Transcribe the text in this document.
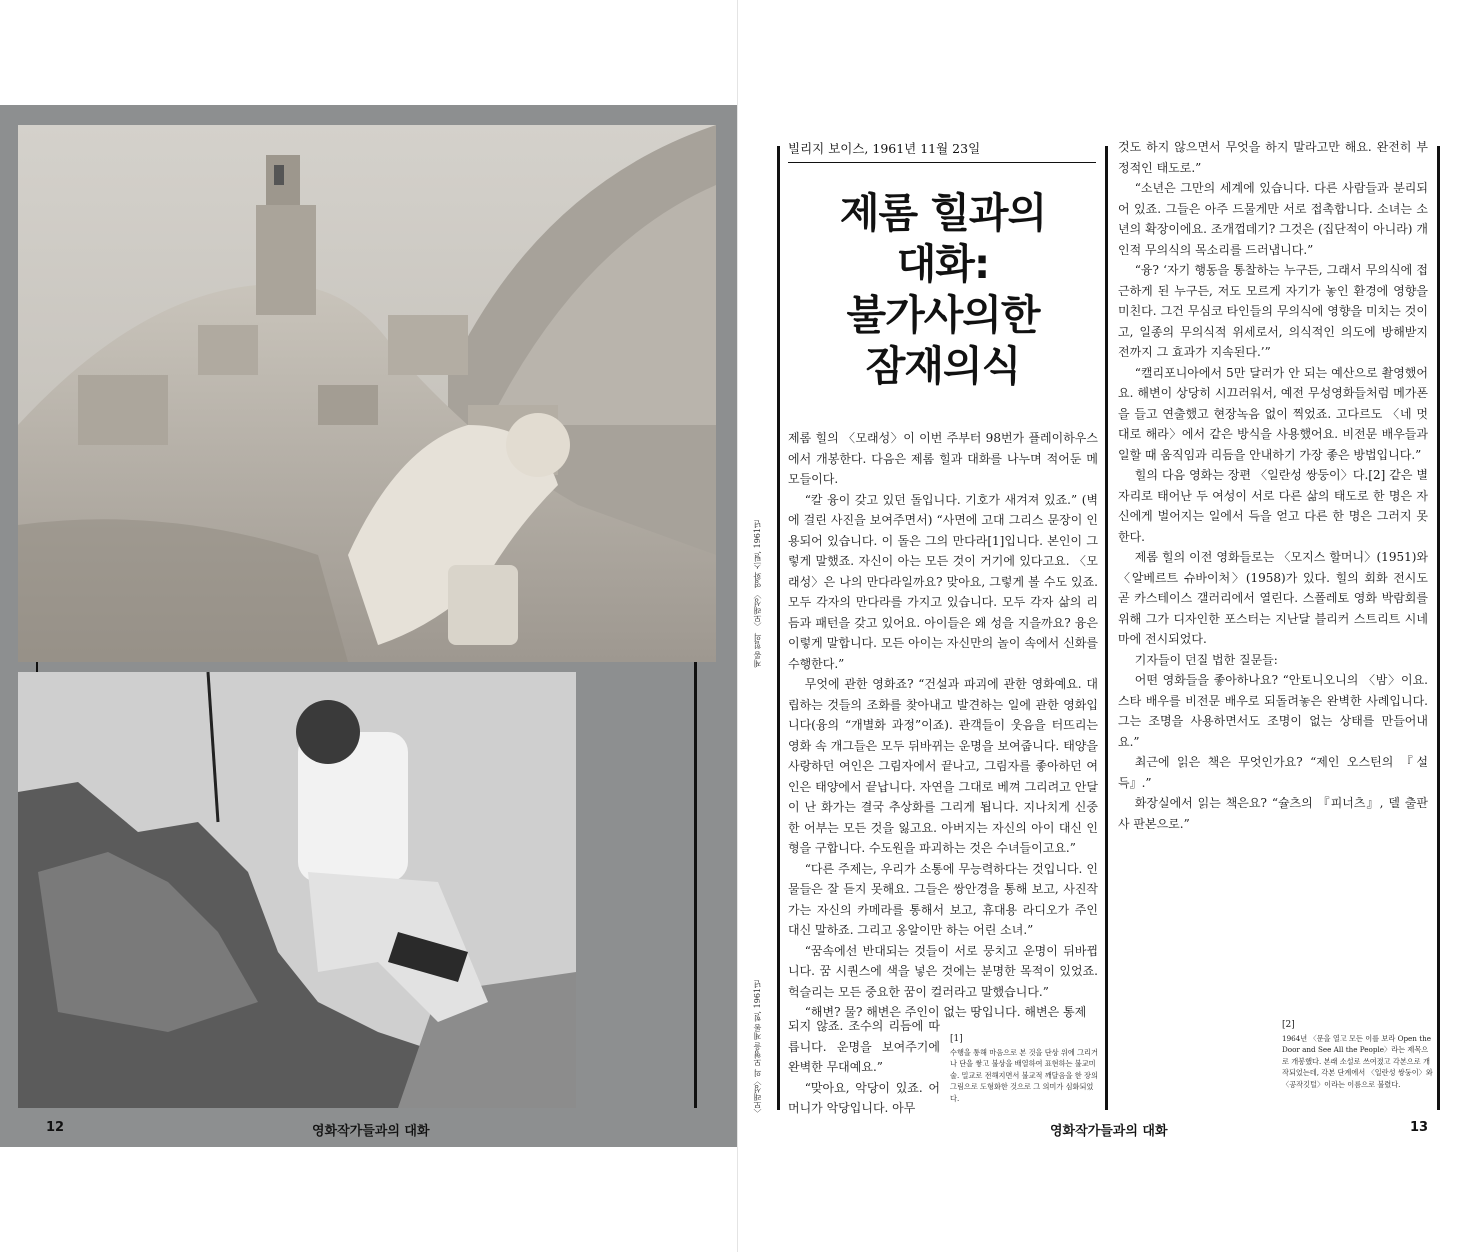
12	영화작가들과의 대화
제롬 힐의 〈모래성〉 영화 스틸, 1961년
〈모래성〉의 모형을 제롬 힐, 1961년
빌리지 보이스, 1961년 11월 23일
제롬 힐과의
대화:
불가사의한
잠재의식

제롬 힐의 〈모래성〉이 이번 주부터 98번가 플레이하우스에서 개봉한다. 다음은 제롬 힐과 대화를 나누며 적어둔 메모들이다.

“칼 융이 갖고 있던 돌입니다. 기호가 새겨져 있죠.” (벽에 걸린 사진을 보여주면서) “사면에 고대 그리스 문장이 인용되어 있습니다. 이 돌은 그의 만다라[1]입니다. 본인이 그렇게 말했죠. 자신이 아는 모든 것이 거기에 있다고요. 〈모래성〉은 나의 만다라일까요? 맞아요, 그렇게 볼 수도 있죠. 모두 각자의 만다라를 가지고 있습니다. 모두 각자 삶의 리듬과 패턴을 갖고 있어요. 아이들은 왜 성을 지을까요? 융은 이렇게 말합니다. 모든 아이는 자신만의 놀이 속에서 신화를 수행한다.”

무엇에 관한 영화죠? “건설과 파괴에 관한 영화예요. 대립하는 것들의 조화를 찾아내고 발견하는 일에 관한 영화입니다(융의 “개별화 과정”이죠). 관객들이 웃음을 터뜨리는 영화 속 개그들은 모두 뒤바뀌는 운명을 보여줍니다. 태양을 사랑하던 여인은 그림자에서 끝나고, 그림자를 좋아하던 여인은 태양에서 끝납니다. 자연을 그대로 베껴 그리려고 안달이 난 화가는 결국 추상화를 그리게 됩니다. 지나치게 신중한 어부는 모든 것을 잃고요. 아버지는 자신의 아이 대신 인형을 구합니다. 수도원을 파괴하는 것은 수녀들이고요.”

“다른 주제는, 우리가 소통에 무능력하다는 것입니다. 인물들은 잘 듣지 못해요. 그들은 쌍안경을 통해 보고, 사진작가는 자신의 카메라를 통해서 보고, 휴대용 라디오가 주인 대신 말하죠. 그리고 옹알이만 하는 어린 소녀.”

“꿈속에선 반대되는 것들이 서로 뭉치고 운명이 뒤바뀝니다. 꿈 시퀀스에 색을 넣은 것에는 분명한 목적이 있었죠. 헉슬리는 모든 중요한 꿈이 컬러라고 말했습니다.”

“해변? 물? 해변은 주인이 없는 땅입니다. 해변은 통제

되지 않죠. 조수의 리듬에 따릅니다. 운명을 보여주기에 완벽한 무대예요.”

“맞아요, 악당이 있죠. 어머니가 악당입니다. 아무

것도 하지 않으면서 무엇을 하지 말라고만 해요. 완전히 부정적인 태도로.”

“소년은 그만의 세계에 있습니다. 다른 사람들과 분리되어 있죠. 그들은 아주 드물게만 서로 접촉합니다. 소녀는 소년의 확장이에요. 조개껍데기? 그것은 (집단적이 아니라) 개인적 무의식의 목소리를 드러냅니다.”

“융? ‘자기 행동을 통찰하는 누구든, 그래서 무의식에 접근하게 된 누구든, 저도 모르게 자기가 놓인 환경에 영향을 미친다. 그건 무심코 타인들의 무의식에 영향을 미치는 것이고, 일종의 무의식적 위세로서, 의식적인 의도에 방해받지 전까지 그 효과가 지속된다.’”

“캘리포니아에서 5만 달러가 안 되는 예산으로 촬영했어요. 해변이 상당히 시끄러워서, 예전 무성영화들처럼 메가폰을 들고 연출했고 현장녹음 없이 찍었죠. 고다르도 〈네 멋대로 해라〉에서 같은 방식을 사용했어요. 비전문 배우들과 일할 때 움직임과 리듬을 안내하기 가장 좋은 방법입니다.”

힐의 다음 영화는 장편 〈일란성 쌍둥이〉다.[2] 같은 별자리로 태어난 두 여성이 서로 다른 삶의 태도로 한 명은 자신에게 벌어지는 일에서 득을 얻고 다른 한 명은 그러지 못한다.

제롬 힐의 이전 영화들로는 〈모지스 할머니〉(1951)와 〈알베르트 슈바이처〉(1958)가 있다. 힐의 회화 전시도 곧 카스테이스 갤러리에서 열린다. 스폴레토 영화 박람회를 위해 그가 디자인한 포스터는 지난달 블리커 스트리트 시네마에 전시되었다.

기자들이 던질 법한 질문들:

어떤 영화들을 좋아하나요? “안토니오니의 〈밤〉이요. 스타 배우를 비전문 배우로 되돌려놓은 완벽한 사례입니다. 그는 조명을 사용하면서도 조명이 없는 상태를 만들어내요.”

최근에 읽은 책은 무엇인가요? “제인 오스틴의 『설득』.”

화장실에서 읽는 책은요? “슐츠의 『피너츠』, 델 출판사 판본으로.”

[1]
수행을 통해 마음으로 본 것을 단상 위에 그리거나 단을 쌓고 불상을 배열하여 표현하는 불교미술. 밀교로 전해지면서 불교적 깨달음을 한 장의 그림으로 도형화한 것으로 그 의미가 심화되었다.
[2]
1964년 〈문을 열고 모든 이를 보라 Open the Door and See All the People〉라는 제목으로 개봉했다. 본래 소설로 쓰여졌고 각본으로 개작되었는데, 각본 단계에서 〈일란성 쌍둥이〉와 〈공작깃털〉이라는 이름으로 불렸다.
영화작가들과의 대화	13
